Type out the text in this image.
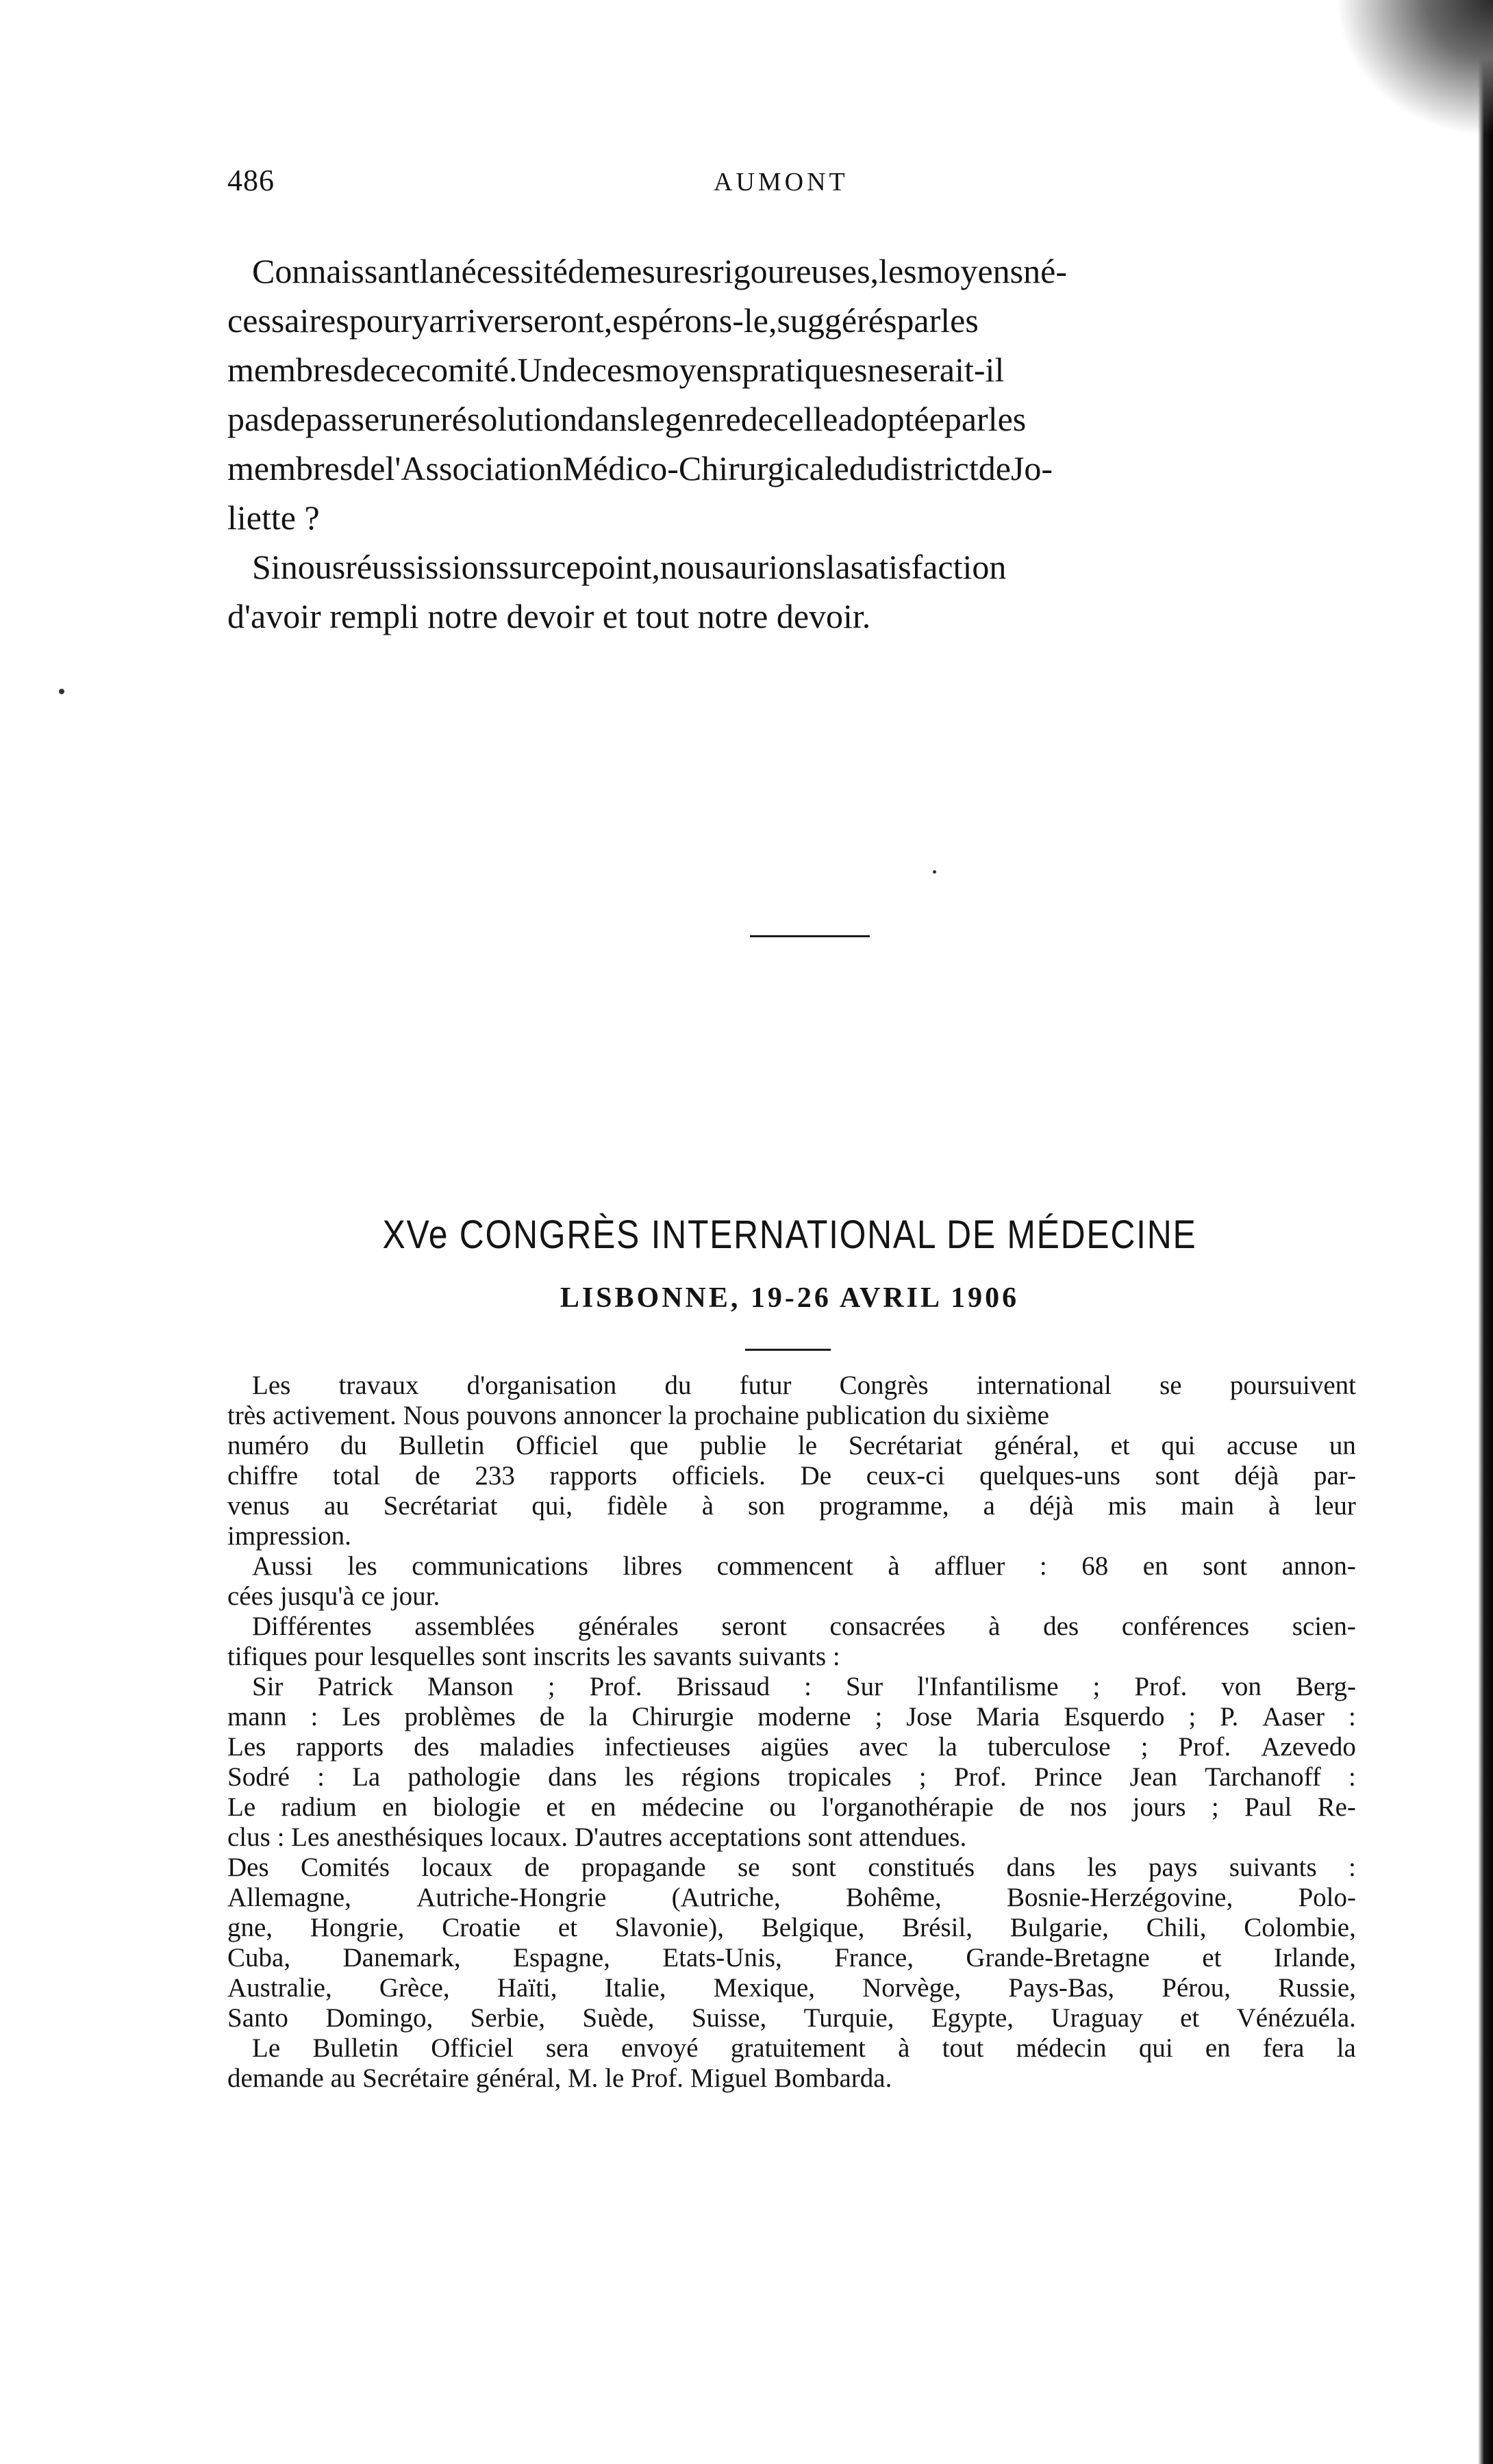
486	AUMONT
Connaissantlanécessitédemesuresrigoureuses,lesmoyensné-
cessairespouryarriverseront,espérons-le,suggérésparles
membresdececomité.Undecesmoyenspratiquesneserait-il
pasdepasserunerésolutiondanslegenredecelleadoptéeparles
membresdel'AssociationMédico-ChirurgicaledudistrictdeJo-
liette ?
Sinousréussissionssurcepoint,nousaurionslasatisfaction
d'avoir rempli notre devoir et tout notre devoir.
XVe CONGRÈS INTERNATIONAL DE MÉDECINE
LISBONNE, 19-26 AVRIL 1906
Les travaux d'organisation du futur Congrès international se poursuivent
très activement. Nous pouvons annoncer la prochaine publication du sixième
numéro du Bulletin Officiel que publie le Secrétariat général, et qui accuse un
chiffre total de 233 rapports officiels. De ceux-ci quelques-uns sont déjà par-
venus au Secrétariat qui, fidèle à son programme, a déjà mis main à leur
impression.
Aussi les communications libres commencent à affluer : 68 en sont annon-
cées jusqu'à ce jour.
Différentes assemblées générales seront consacrées à des conférences scien-
tifiques pour lesquelles sont inscrits les savants suivants :
Sir Patrick Manson ; Prof. Brissaud : Sur l'Infantilisme ; Prof. von Berg-
mann : Les problèmes de la Chirurgie moderne ; Jose Maria Esquerdo ; P. Aaser :
Les rapports des maladies infectieuses aigües avec la tuberculose ; Prof. Azevedo
Sodré : La pathologie dans les régions tropicales ; Prof. Prince Jean Tarchanoff :
Le radium en biologie et en médecine ou l'organothérapie de nos jours ; Paul Re-
clus : Les anesthésiques locaux. D'autres acceptations sont attendues.
Des Comités locaux de propagande se sont constitués dans les pays suivants :
Allemagne, Autriche-Hongrie (Autriche, Bohême, Bosnie-Herzégovine, Polo-
gne, Hongrie, Croatie et Slavonie), Belgique, Brésil, Bulgarie, Chili, Colombie,
Cuba, Danemark, Espagne, Etats-Unis, France, Grande-Bretagne et Irlande,
Australie, Grèce, Haïti, Italie, Mexique, Norvège, Pays-Bas, Pérou, Russie,
Santo Domingo, Serbie, Suède, Suisse, Turquie, Egypte, Uraguay et Vénézuéla.
Le Bulletin Officiel sera envoyé gratuitement à tout médecin qui en fera la
demande au Secrétaire général, M. le Prof. Miguel Bombarda.
